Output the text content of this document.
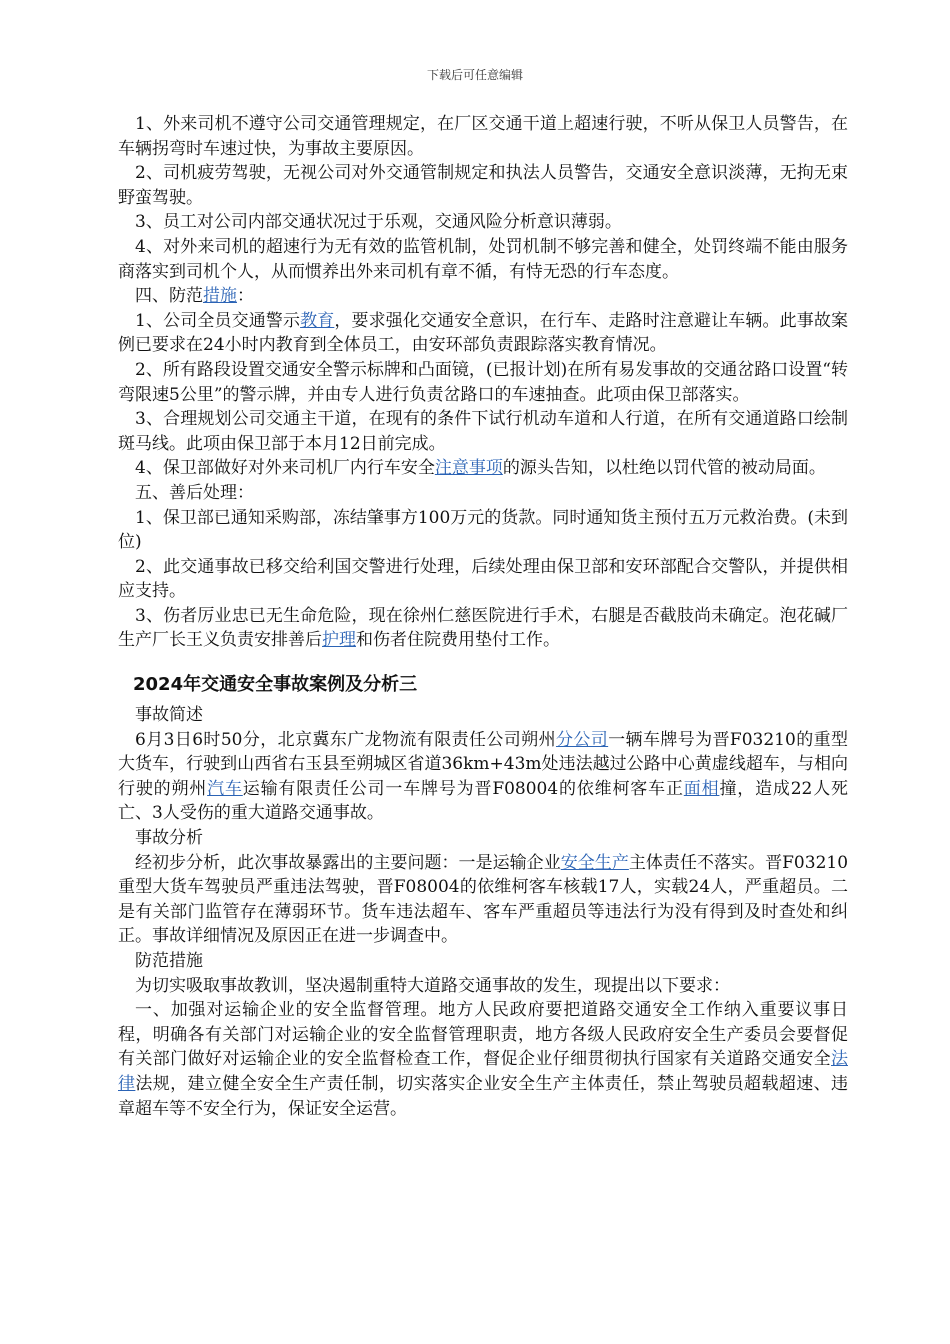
下载后可任意编辑

1、外来司机不遵守公司交通管理规定，在厂区交通干道上超速行驶，不听从保卫人员警告，在车辆拐弯时车速过快，为事故主要原因。

2、司机疲劳驾驶，无视公司对外交通管制规定和执法人员警告，交通安全意识淡薄，无拘无束野蛮驾驶。

3、员工对公司内部交通状况过于乐观，交通风险分析意识薄弱。

4、对外来司机的超速行为无有效的监管机制，处罚机制不够完善和健全，处罚终端不能由服务商落实到司机个人，从而惯养出外来司机有章不循，有恃无恐的行车态度。

四、防范措施：

1、公司全员交通警示教育，要求强化交通安全意识，在行车、走路时注意避让车辆。此事故案例已要求在24小时内教育到全体员工，由安环部负责跟踪落实教育情况。

2、所有路段设置交通安全警示标牌和凸面镜，(已报计划)在所有易发事故的交通岔路口设置“转弯限速5公里”的警示牌，并由专人进行负责岔路口的车速抽查。此项由保卫部落实。

3、合理规划公司交通主干道，在现有的条件下试行机动车道和人行道，在所有交通道路口绘制斑马线。此项由保卫部于本月12日前完成。

4、保卫部做好对外来司机厂内行车安全注意事项的源头告知，以杜绝以罚代管的被动局面。

五、善后处理：

1、保卫部已通知采购部，冻结肇事方100万元的货款。同时通知货主预付五万元救治费。(未到位)

2、此交通事故已移交给利国交警进行处理，后续处理由保卫部和安环部配合交警队，并提供相应支持。

3、伤者厉业忠已无生命危险，现在徐州仁慈医院进行手术，右腿是否截肢尚未确定。泡花碱厂生产厂长王义负责安排善后护理和伤者住院费用垫付工作。

2024年交通安全事故案例及分析三

事故简述

6月3日6时50分，北京冀东广龙物流有限责任公司朔州分公司一辆车牌号为晋F03210的重型大货车，行驶到山西省右玉县至朔城区省道36km+43m处违法越过公路中心黄虚线超车，与相向行驶的朔州汽车运输有限责任公司一车牌号为晋F08004的依维柯客车正面相撞，造成22人死亡、3人受伤的重大道路交通事故。

事故分析

经初步分析，此次事故暴露出的主要问题：一是运输企业安全生产主体责任不落实。晋F03210重型大货车驾驶员严重违法驾驶，晋F08004的依维柯客车核载17人，实载24人，严重超员。二是有关部门监管存在薄弱环节。货车违法超车、客车严重超员等违法行为没有得到及时查处和纠正。事故详细情况及原因正在进一步调查中。

防范措施

为切实吸取事故教训，坚决遏制重特大道路交通事故的发生，现提出以下要求：

一、加强对运输企业的安全监督管理。地方人民政府要把道路交通安全工作纳入重要议事日程，明确各有关部门对运输企业的安全监督管理职责，地方各级人民政府安全生产委员会要督促有关部门做好对运输企业的安全监督检查工作，督促企业仔细贯彻执行国家有关道路交通安全法律法规，建立健全安全生产责任制，切实落实企业安全生产主体责任，禁止驾驶员超载超速、违章超车等不安全行为，保证安全运营。
